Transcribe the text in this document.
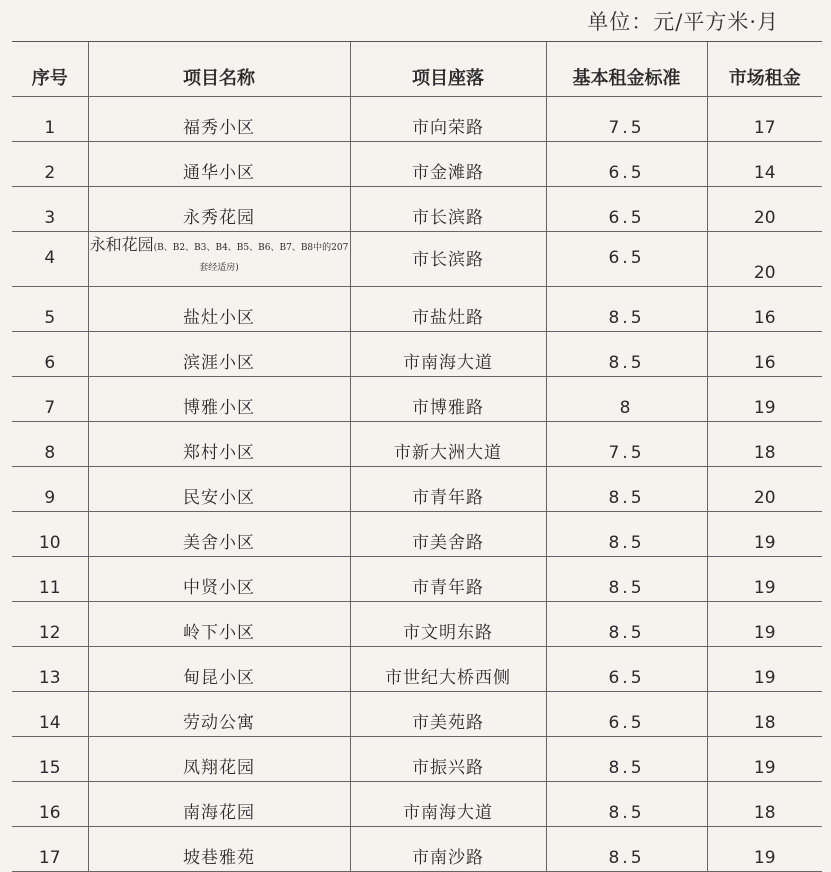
单位：元/平方米·月
序号	项目名称	项目座落	基本租金标准	市场租金
1	福秀小区	市向荣路	7.5	17
2	通华小区	市金滩路	6.5	14
3	永秀花园	市长滨路	6.5	20
4	永和花园(B、B2、B3、B4、B5、B6、B7、B8中的207套经适房)	市长滨路	6.5	20
5	盐灶小区	市盐灶路	8.5	16
6	滨涯小区	市南海大道	8.5	16
7	博雅小区	市博雅路	8	19
8	郑村小区	市新大洲大道	7.5	18
9	民安小区	市青年路	8.5	20
10	美舍小区	市美舍路	8.5	19
11	中贤小区	市青年路	8.5	19
12	岭下小区	市文明东路	8.5	19
13	甸昆小区	市世纪大桥西侧	6.5	19
14	劳动公寓	市美苑路	6.5	18
15	凤翔花园	市振兴路	8.5	19
16	南海花园	市南海大道	8.5	18
17	坡巷雅苑	市南沙路	8.5	19
